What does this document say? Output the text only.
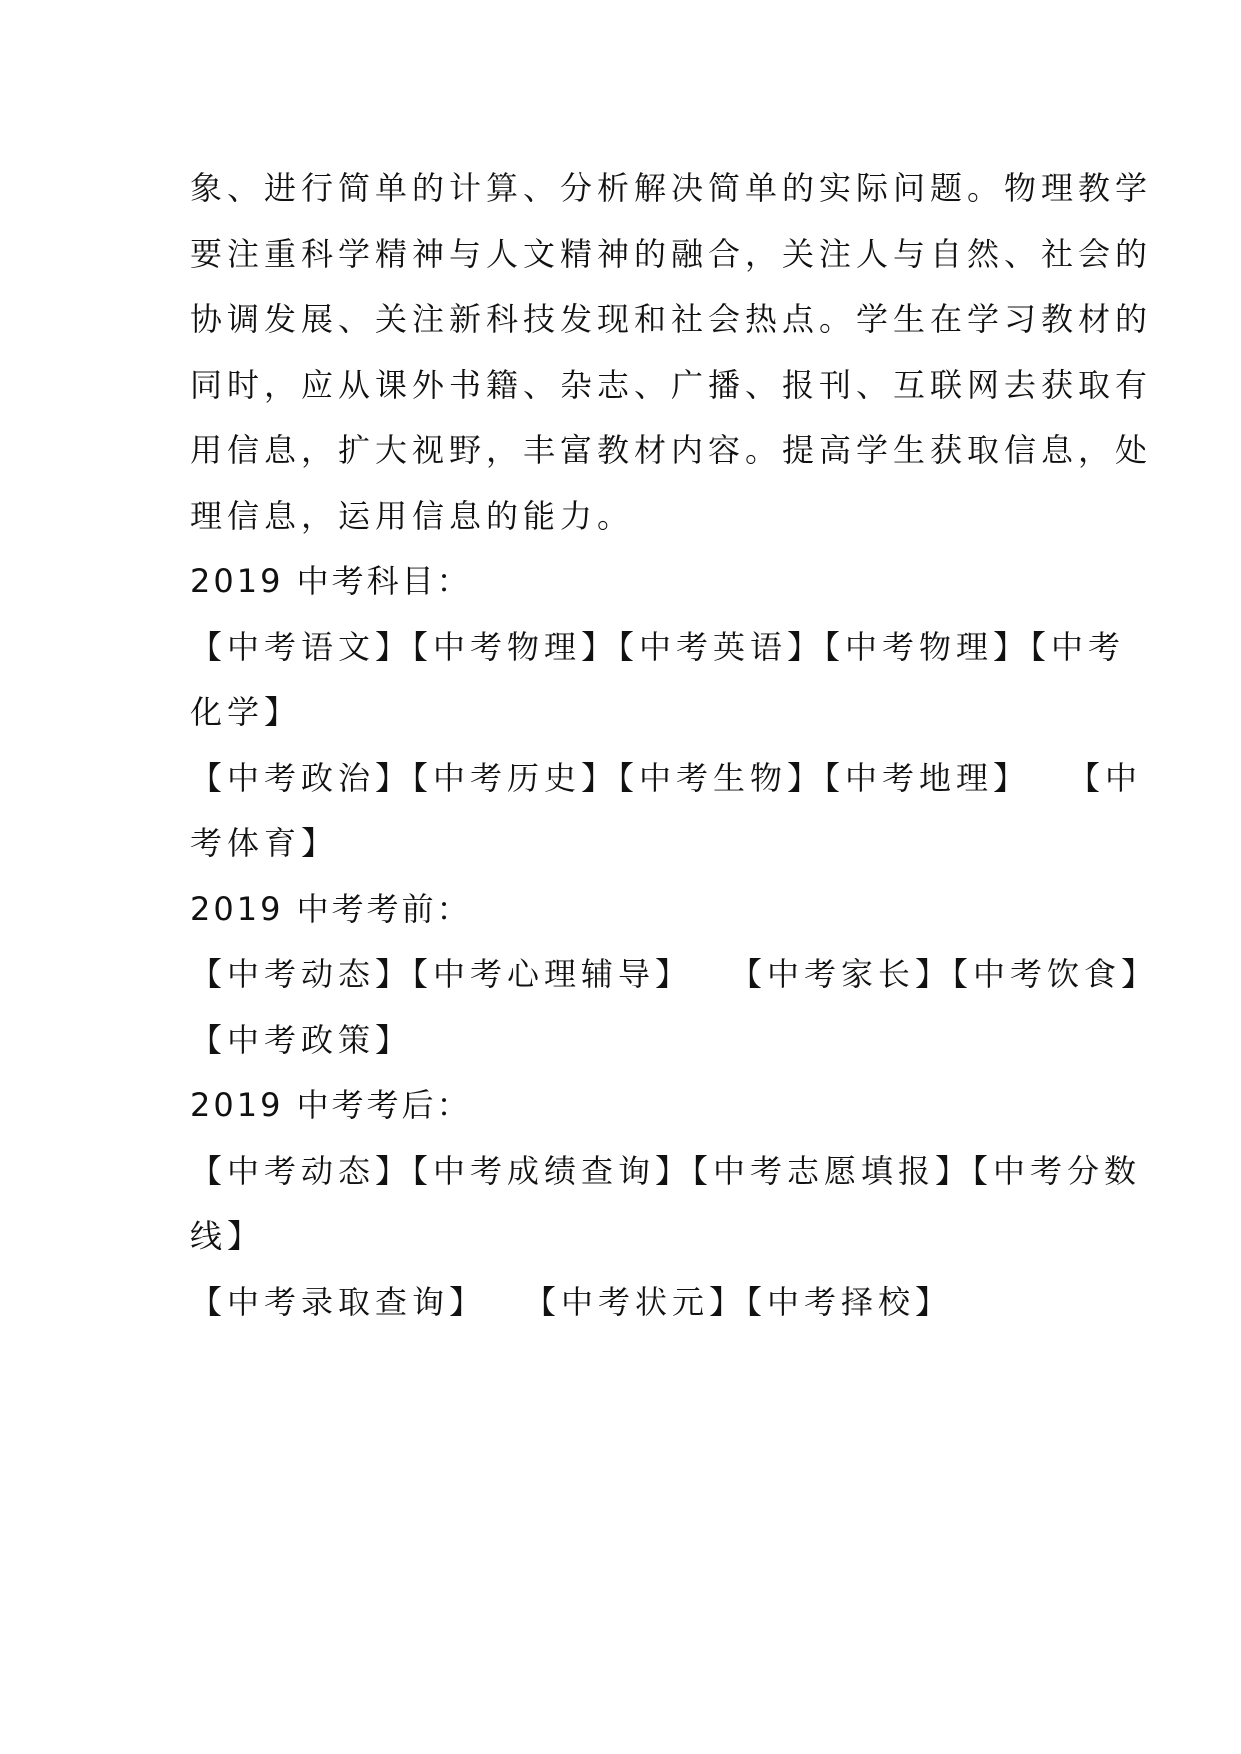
象、进行简单的计算、分析解决简单的实际问题。物理教学
要注重科学精神与人文精神的融合，关注人与自然、社会的
协调发展、关注新科技发现和社会热点。学生在学习教材的
同时，应从课外书籍、杂志、广播、报刊、互联网去获取有
用信息，扩大视野，丰富教材内容。提高学生获取信息，处
理信息，运用信息的能力。
2019 中考科目：
【中考语文】【中考物理】【中考英语】【中考物理】【中考
化学】
【中考政治】【中考历史】【中考生物】【中考地理】 【中
考体育】
2019 中考考前：
【中考动态】【中考心理辅导】 【中考家长】【中考饮食】
【中考政策】
2019 中考考后：
【中考动态】【中考成绩查询】【中考志愿填报】【中考分数
线】
【中考录取查询】 【中考状元】【中考择校】
